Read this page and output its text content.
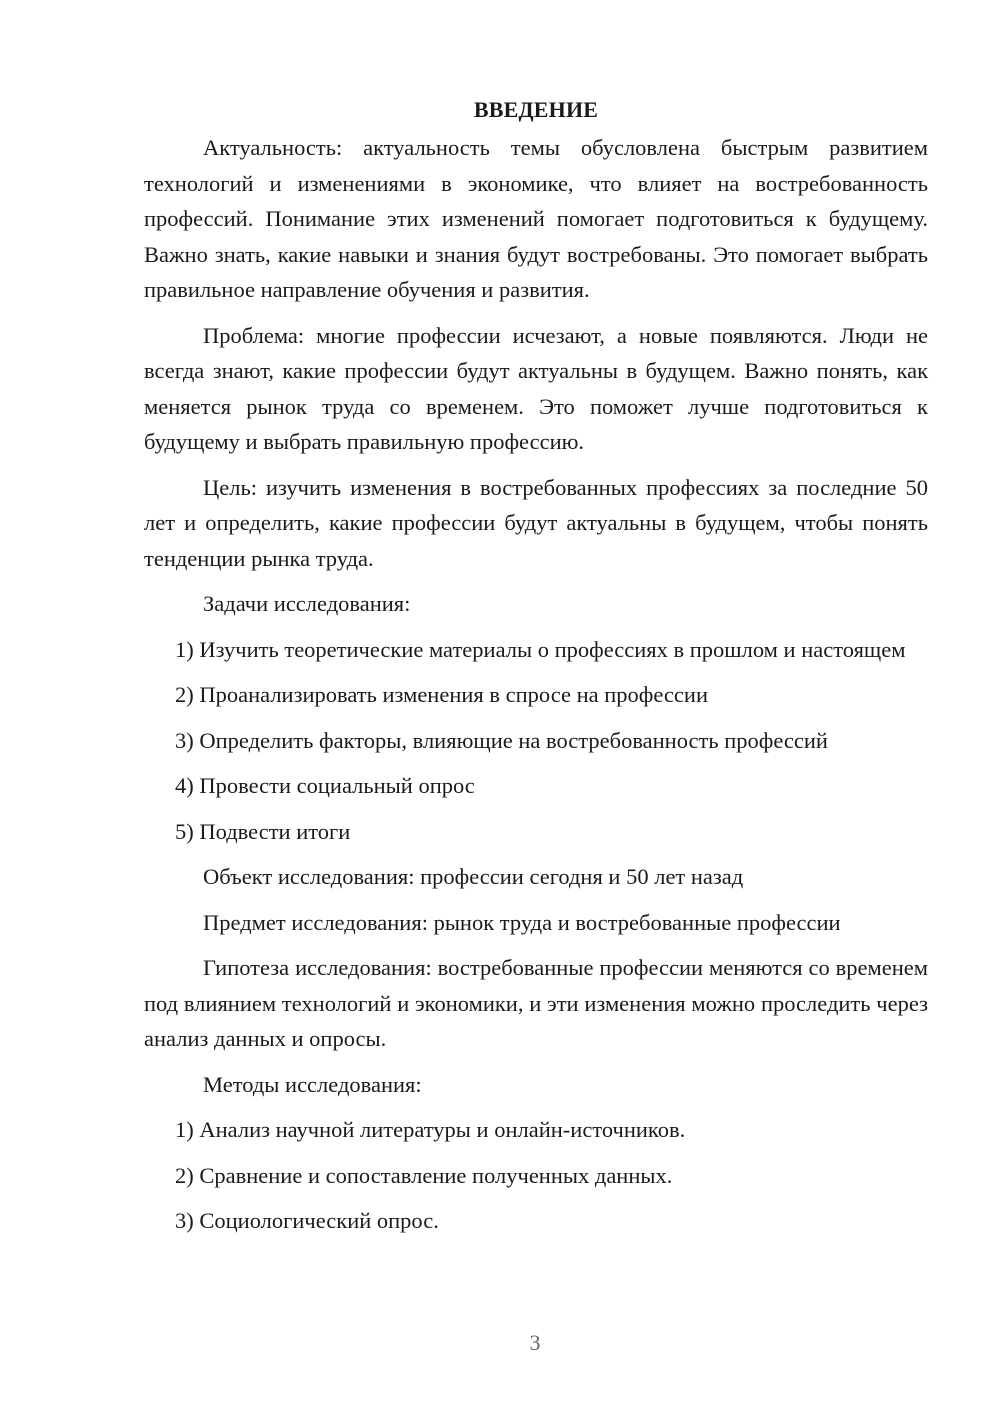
ВВЕДЕНИЕ

Актуальность: актуальность темы обусловлена быстрым развитием технологий и изменениями в экономике, что влияет на востребованность профессий. Понимание этих изменений помогает подготовиться к будущему. Важно знать, какие навыки и знания будут востребованы. Это помогает выбрать правильное направление обучения и развития.

Проблема: многие профессии исчезают, а новые появляются. Люди не всегда знают, какие профессии будут актуальны в будущем. Важно понять, как меняется рынок труда со временем. Это поможет лучше подготовиться к будущему и выбрать правильную профессию.

Цель: изучить изменения в востребованных профессиях за последние 50 лет и определить, какие профессии будут актуальны в будущем, чтобы понять тенденции рынка труда.

Задачи исследования:

1) Изучить теоретические материалы о профессиях в прошлом и настоящем

2) Проанализировать изменения в спросе на профессии
3) Определить факторы, влияющие на востребованность профессий
4) Провести социальный опрос
5) Подвести итоги
Объект исследования: профессии сегодня и 50 лет назад
Предмет исследования: рынок труда и востребованные профессии

Гипотеза исследования: востребованные профессии меняются со временем под влиянием технологий и экономики, и эти изменения можно проследить через анализ данных и опросы.

Методы исследования:
1) Анализ научной литературы и онлайн-источников.
2) Сравнение и сопоставление полученных данных.
3) Социологический опрос.
3
